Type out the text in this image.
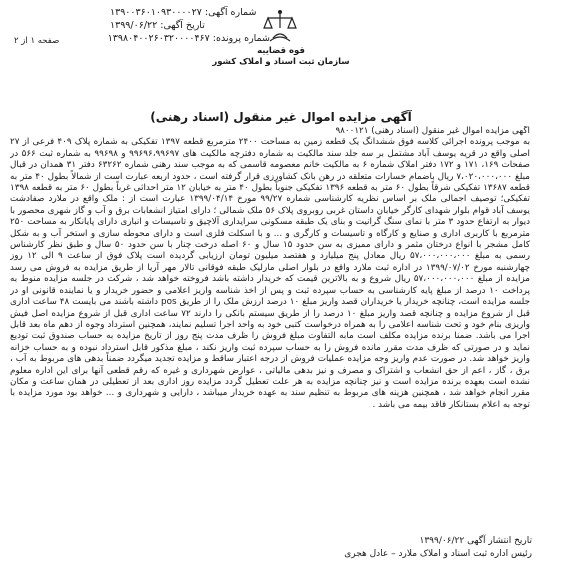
شماره آگهی: ۱۳۹۰۰۳۶۰۱۰۹۳۰۰۰۰۲۷
تاریخ آگهی: ۱۳۹۹/۰۶/۲۲
شماره پرونده: ۱۳۹۸۰۴۰۰۲۶۰۳۲۰۰۰۰۴۶۷
قوه قضاییه
سازمان ثبت اسناد و املاک کشور
صفحه ۱ از ۲
آگهی مزایده اموال غیر منقول (اسناد رهنی)

آگهی مزایده اموال غیر منقول (اسناد رهنی) ۹۸۰۰۱۲۱

به موجب پرونده اجرائی کلاسه فوق ششدانگ یک قطعه زمین به مساحت ۲۴۰۰ مترمربع قطعه ۱۳۹۷ تفکیکی به شماره پلاک ۴۰۹ فرعی از ۲۷ اصلی واقع در قریه یوسف آباد مشتمل بر سه جلد سند مالکیت به شماره دفترچه مالکیت های ۹۹۶۹۶،۹۹۶۹۷ و ۹۹۶۹۸ به شماره ثبت ۵۶۶ در صفحات ۱۶۹، ۱۷۱ و ۱۷۲ دفتر املاک شماره ۶ به مالکیت خانم معصومه قاسمی که به موجب سند رهنی شماره ۶۳۲۶۲ دفتر ۳۱ همدان در قبال مبلغ ۷،۰۲۰،۰۰۰،۰۰۰ ریال باضمام خسارات متعلقه در رهن بانک کشاورزی قرار گرفته است ، حدود اربعه عبارت است از شمالاً بطول ۴۰ متر به قطعه ۱۳۶۸۷ تفکیکی شرقاً بطول ۶۰ متر به قطعه ۱۳۹۶ تفکیکی جنوباً بطول ۴۰ متر به خیابان ۱۲ متر احداثی غرباً بطول ۶۰ متر به قطعه ۱۳۹۸ تفکیکی؛ توصیف اجمالی ملک بر اساس نظریه کارشناسی شماره ۹۹/۲۷ مورخ ۱۳۹۹/۰۴/۱۴ عبارت است از : ملک واقع در ملارد صفادشت یوسف آباد قوام بلوار شهدای کارگر خیابان داستان غربی روبروی پلاک ۵۶ ملک شمالی ؛ دارای امتیاز انشعابات برق و آب و گاز شهری محصور با دیوار به ارتفاع حدود ۳ متر با نمای سنگ گرانیت و بنای یک طبقه مسکونی سرایداری آلاچیق و تاسیسات و انباری دارای پایانکار به مساحت ۲۵۰ مترمربع با کاربری اداری و صنایع و کارگاه و تاسیسات و کارگری و ... و با اسکلت فلزی است و دارای محوطه سازی و استخر آب و به شکل کامل مشجر با انواع درختان مثمر و دارای ممیزی به سن حدود ۱۵ سال و ۶۰ اصله درخت چنار با سن حدود ۵۰ سال و طبق نظر کارشناس رسمی به مبلغ ۵۷،۰۰۰،۰۰۰،۰۰۰ ریال معادل پنج میلیارد و هفتصد میلیون تومان ارزیابی گردیده است پلاک فوق از ساعت ۹ الی ۱۲ روز چهارشنبه مورخ ۱۳۹۹/۰۷/۰۲ در اداره ثبت ملارد واقع در بلوار اصلی مارلیک طبقه فوقانی تالار مهر آریا از طریق مزایده به فروش می رسد مزایده از مبلغ ۵۷،۰۰۰،۰۰۰،۰۰۰ ریال شروع و به بالاترین قیمت که خریدار داشته باشد فروخته خواهد شد ، شرکت در جلسه مزایده منوط به پرداخت ۱۰ درصد از مبلغ پایه کارشناسی به حساب سپرده ثبت و پس از اخذ شناسه واریز اعلامی و حضور خریدار و یا نماینده قانونی او در جلسه مزایده است، چنانچه خریدار یا خریداران قصد واریز مبلغ ۱۰ درصد ارزش ملک را از طریق pos داشته باشند می بایست ۴۸ ساعت اداری قبل از شروع مزایده و چنانچه قصد واریز مبلغ ۱۰ درصد را از طریق سیستم بانکی را دارند ۷۲ ساعت اداری قبل از شروع مزایده اصل فیش واریزی بنام خود و تحت شناسه اعلامی را به همراه درخواست کتبی خود به واحد اجرا تسلیم نمایند، همچنین استرداد وجوه از دهم ماه بعد قابل اجرا می باشد. ضمنا برنده مزایده مکلف است مابه التفاوت مبلغ فروش را ظرف مدت پنج روز از تاریخ مزایده به حساب صندوق ثبت تودیع نماید و در صورتی که ظرف مدت مقرر مانده فروش را به حساب سپرده ثبت واریز نکند ، مبلغ مذکور قابل استرداد نبوده و به حساب خزانه واریز خواهد شد. در صورت عدم واریز وجه مزایده عملیات فروش از درجه اعتبار ساقط و مزایده تجدید میگردد ضمناً بدهی های مربوط به آب ، برق ، گاز ، اعم از حق انشعاب و اشتراک و مصرف و نیز بدهی مالیاتی ، عوارض شهرداری و غیره که رقم قطعی آنها برای این اداره معلوم نشده است بعهده برنده مزایده است و نیز چنانچه مزایده به هر علت تعطیل گردد مزایده روز اداری بعد از تعطیلی در همان ساعت و مکان مقرر انجام خواهد شد ، همچنین هزینه های مربوط به تنظیم سند به عهده خریدار میباشد ، دارایی و شهرداری و ... خواهد بود مورد مزایده با توجه به اعلام بستانکار فاقد بیمه می باشد .

تاریخ انتشار آگهی ۱۳۹۹/۰۶/۲۲
رئیس اداره ثبت اسناد و املاک ملارد – عادل هجری
